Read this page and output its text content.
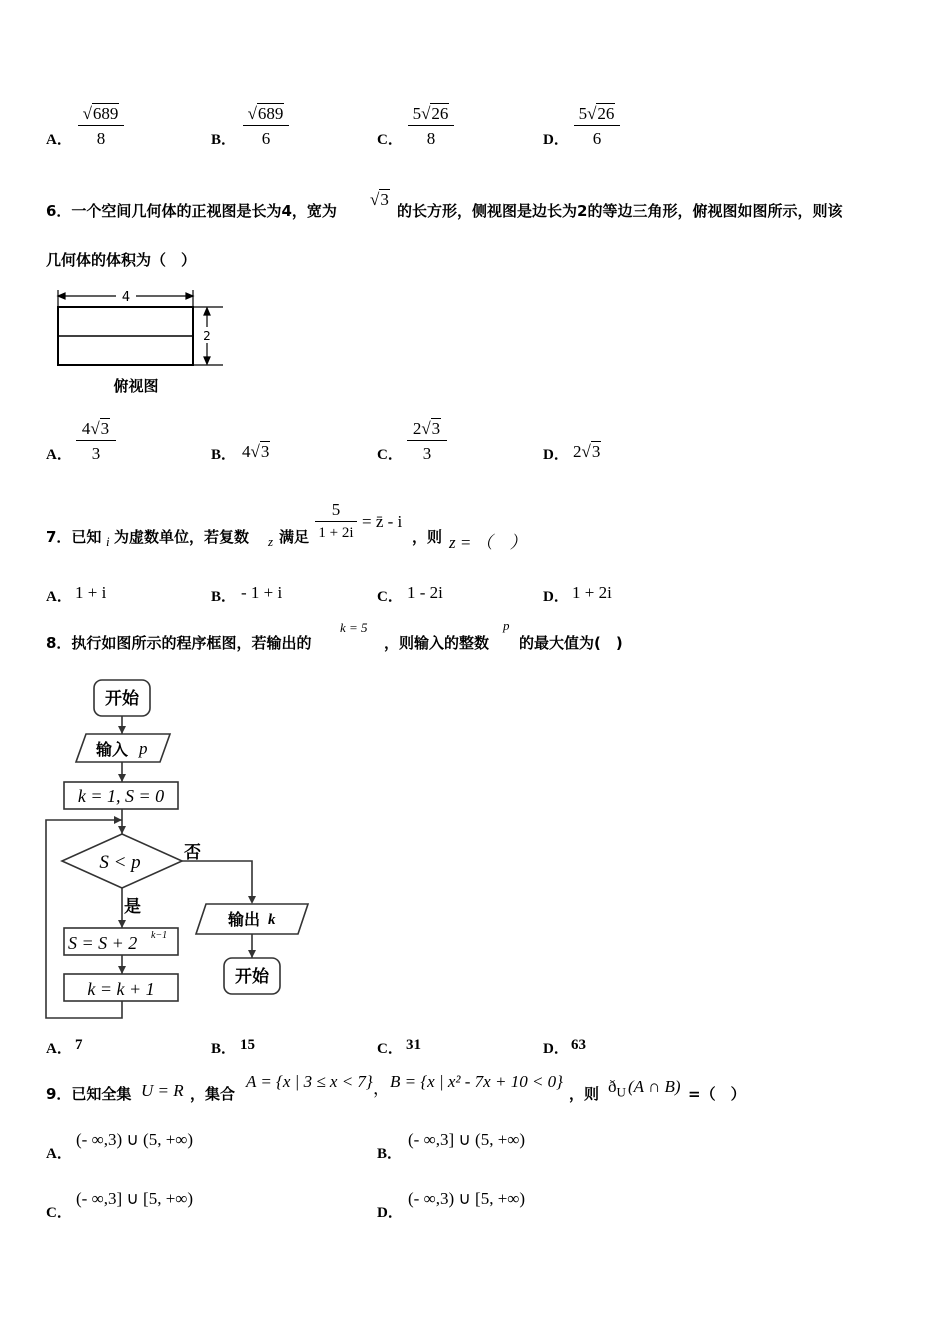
A． $\frac{√689}{8}$	B． $\frac{√689}{6}$	C． $\frac{5√26}{8}$	D． $\frac{5√26}{6}$
6．一个空间几何体的正视图是长为4，宽为
√3
的长方形，侧视图是边长为2的等边三角形，俯视图如图所示，则该
几何体的体积为（　）
4
2
俯视图
A． $\frac{4√3}{3}$	B． 4√3	C． $\frac{2√3}{3}$	D． 2√3
7．已知 i 为虚数单位，若复数 z 满足 $\frac{5}{1 + 2i}$ = z̄ - i
，则 z = （　）
A． 1 + i	B． - 1 + i	C． 1 - 2i	D． 1 + 2i
8．执行如图所示的程序框图，若输出的
k = 5
，则输入的整数
p
的最大值为(　)
开始
输入 p
k = 1, S = 0
S < p	否
是
S = S + 2 k−1
k = k + 1
输出 k
开始
A． 7	B． 15	C． 31	D． 63
9．已知全集 U = R ，集合
A = {x | 3 ≤ x < 7} ， B = {x | x² - 7x + 10 < 0}
，则 $ð_U$ (A ∩ B) =（　）
A．
(- ∞,3) ∪ (5, +∞)
B．
(- ∞,3] ∪ (5, +∞)
C．
(- ∞,3] ∪ [5, +∞)
D．
(- ∞,3) ∪ [5, +∞)
